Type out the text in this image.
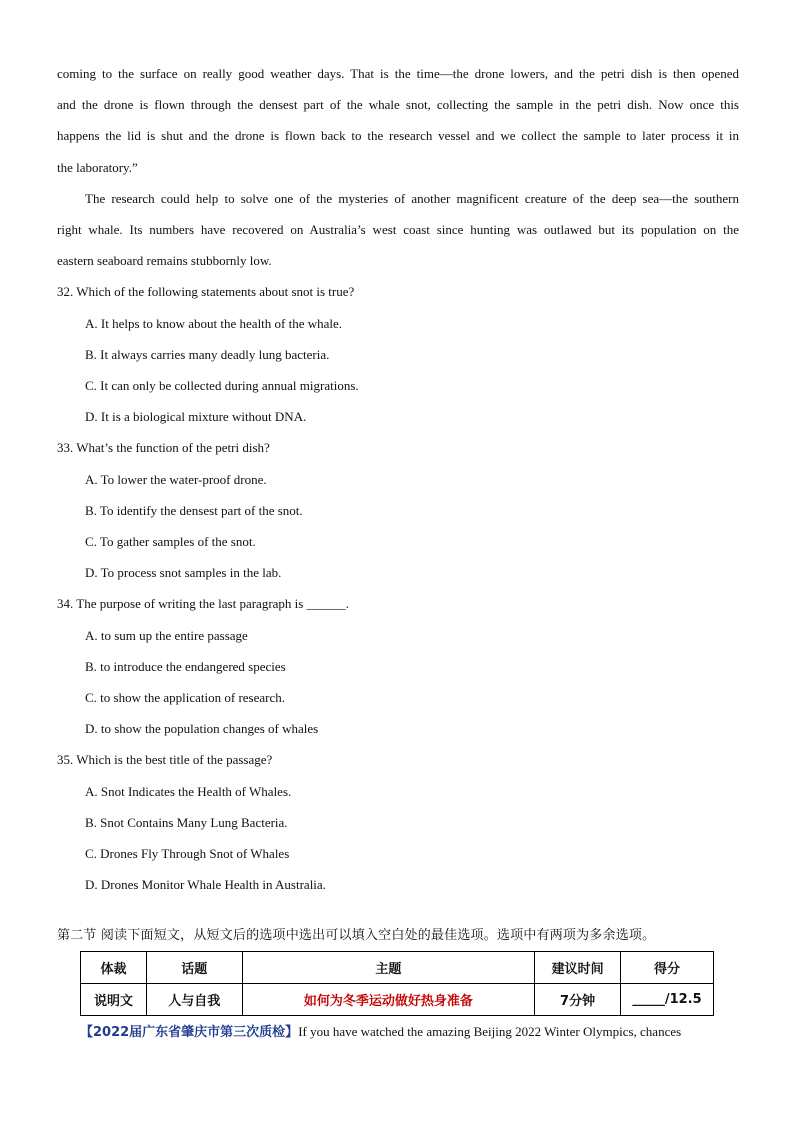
coming to the surface on really good weather days. That is the time—the drone lowers, and the petri dish is then opened

and the drone is flown through the densest part of the whale snot, collecting the sample in the petri dish. Now once this

happens the lid is shut and the drone is flown back to the research vessel and we collect the sample to later process it in

the laboratory.”

The research could help to solve one of the mysteries of another magnificent creature of the deep sea—the southern

right whale. Its numbers have recovered on Australia’s west coast since hunting was outlawed but its population on the

eastern seaboard remains stubbornly low.

32. Which of the following statements about snot is true?

A. It helps to know about the health of the whale.

B. It always carries many deadly lung bacteria.

C. It can only be collected during annual migrations.

D. It is a biological mixture without DNA.

33. What’s the function of the petri dish?

A. To lower the water-proof drone.

B. To identify the densest part of the snot.

C. To gather samples of the snot.

D. To process snot samples in the lab.

34. The purpose of writing the last paragraph is ______.

A. to sum up the entire passage

B. to introduce the endangered species

C. to show the application of research.

D. to show the population changes of whales

35. Which is the best title of the passage?

A. Snot Indicates the Health of Whales.

B. Snot Contains Many Lung Bacteria.

C. Drones Fly Through Snot of Whales

D. Drones Monitor Whale Health in Australia.

第二节 阅读下面短文，从短文后的选项中选出可以填入空白处的最佳选项。选项中有两项为多余选项。
体裁	话题	主题	建议时间	得分
说明文	人与自我	如何为冬季运动做好热身准备	7分钟	_____/12.5
【2022届广东省肇庆市第三次质检】If you have watched the amazing Beijing 2022 Winter Olympics, chances
